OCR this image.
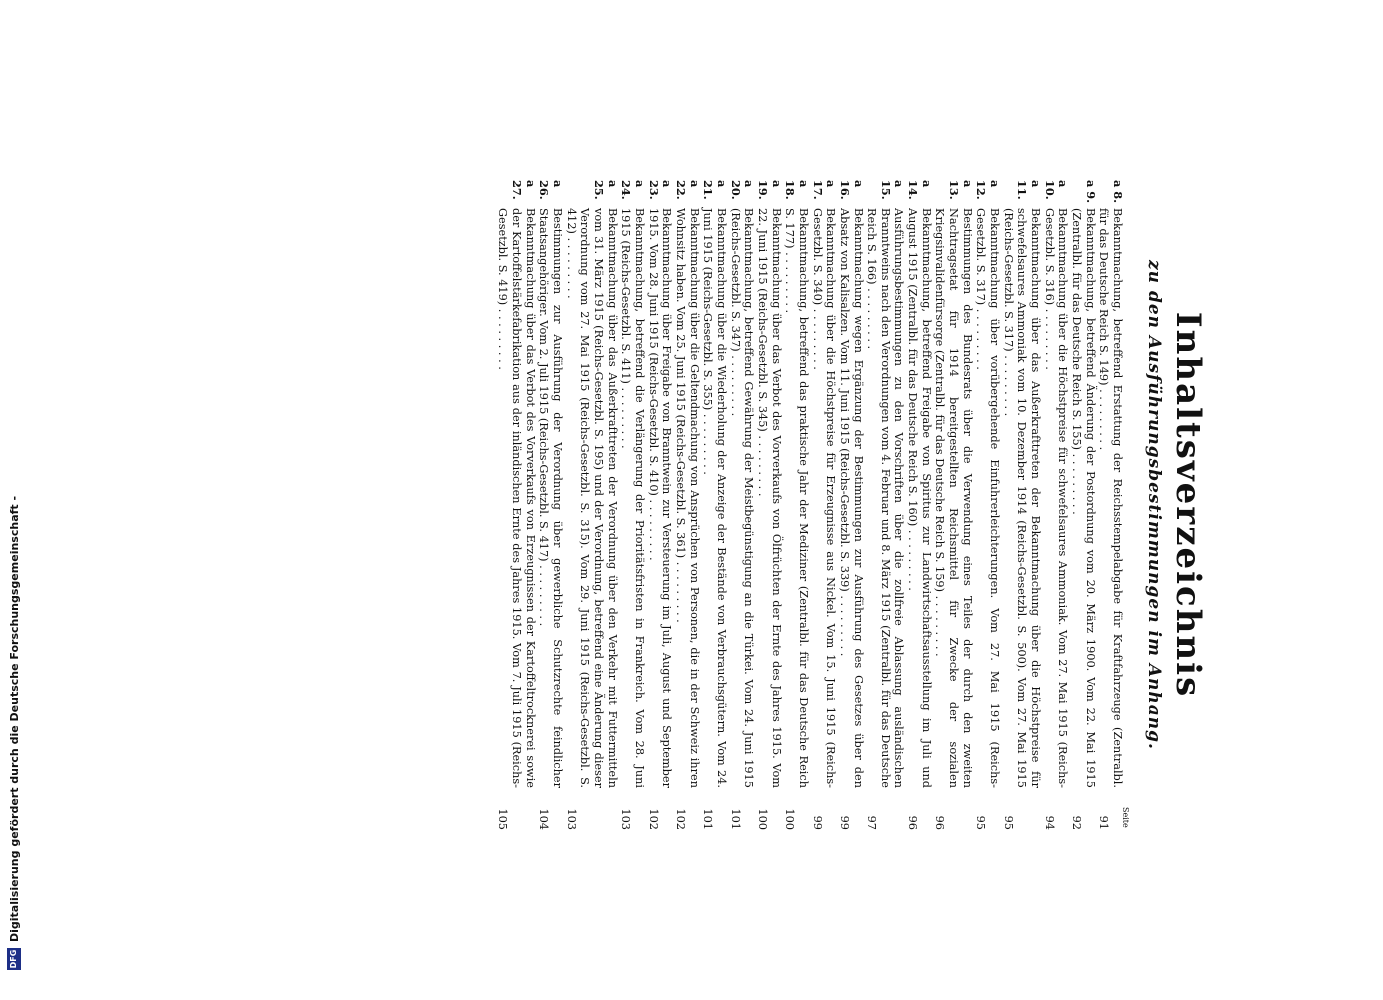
Inhaltsverzeichnis
zu den Ausführungsbestimmungen im Anhang.
Seite
a 8.
Bekanntmachung, betreffend Erstattung der Reichsstempelabgabe für Kraftfahrzeuge (Zentralbl. für das Deutsche Reich S. 149) . . .
91
a 9.
Bekanntmachung, betreffend Änderung der Postordnung vom 20. März 1900. Vom 22. Mai 1915 (Zentralbl. für das Deutsche Reich S. 155) . . .
92
a 10.
Bekanntmachung über die Höchstpreise für schwefelsaures Ammoniak. Vom 27. Mai 1915 (Reichs-Gesetzbl. S. 316) . . .
94
a 11.
Bekanntmachung über das Außerkrafttreten der Bekanntmachung über die Höchstpreise für schwefelsaures Ammoniak vom 10. Dezember 1914 (Reichs-Gesetzbl. S. 500). Vom 27. Mai 1915 (Reichs-Gesetzbl. S. 317) . . .
95
a 12.
Bekanntmachung über vorübergehende Einfuhrerleichterungen. Vom 27. Mai 1915 (Reichs-Gesetzbl. S. 317) . . .
95
a 13.
Bestimmungen des Bundesrats über die Verwendung eines Teiles der durch den zweiten Nachtragsetat für 1914 bereitgestellten Reichsmittel für Zwecke der sozialen Kriegsinvalidenfürsorge (Zentralbl. für das Deutsche Reich S. 159) . . .
96
a 14.
Bekanntmachung, betreffend Freigabe von Spiritus zur Landwirtschaftsausstellung im Juli und August 1915 (Zentralbl. für das Deutsche Reich S. 160) . . .
96
a 15.
Ausführungsbestimmungen zu den Vorschriften über die zollfreie Ablassung ausländischen Branntweins nach den Verordnungen vom 4. Februar und 8. März 1915 (Zentralbl. für das Deutsche Reich S. 166) . . .
97
a 16.
Bekanntmachung wegen Ergänzung der Bestimmungen zur Ausführung des Gesetzes über den Absatz von Kalisalzen. Vom 11. Juni 1915 (Reichs-Gesetzbl. S. 339) . . .
99
a 17.
Bekanntmachung über die Höchstpreise für Erzeugnisse aus Nickel. Vom 15. Juni 1915 (Reichs-Gesetzbl. S. 340) . . .
99
a 18.
Bekanntmachung, betreffend das praktische Jahr der Mediziner (Zentralbl. für das Deutsche Reich S. 177) . . .
100
a 19.
Bekanntmachung über das Verbot des Vorverkaufs von Ölfrüchten der Ernte des Jahres 1915. Vom 22. Juni 1915 (Reichs-Gesetzbl. S. 345) . . .
100
a 20.
Bekanntmachung, betreffend Gewährung der Meistbegünstigung an die Türkei. Vom 24. Juni 1915 (Reichs-Gesetzbl. S. 347) . . .
101
a 21.
Bekanntmachung über die Wiederholung der Anzeige der Bestände von Verbrauchsgütern. Vom 24. Juni 1915 (Reichs-Gesetzbl. S. 355) . . .
101
a 22.
Bekanntmachung über die Geltendmachung von Ansprüchen von Personen, die in der Schweiz ihren Wohnsitz haben. Vom 25. Juni 1915 (Reichs-Gesetzbl. S. 361) . . .
102
a 23.
Bekanntmachung über Freigabe von Branntwein zur Versteuerung im Juli, August und September 1915. Vom 28. Juni 1915 (Reichs-Gesetzbl. S. 410) . . .
102
a 24.
Bekanntmachung, betreffend die Verlängerung der Prioritätsfristen in Frankreich. Vom 28. Juni 1915 (Reichs-Gesetzbl. S. 411) . . .
103
a 25.
Bekanntmachung über das Außerkrafttreten der Verordnung über den Verkehr mit Futtermitteln vom 31. März 1915 (Reichs-Gesetzbl. S. 195) und der Verordnung, betreffend eine Änderung dieser Verordnung vom 27. Mai 1915 (Reichs-Gesetzbl. S. 315). Vom 29. Juni 1915 (Reichs-Gesetzbl. S. 412) . . .
103
a 26.
Bestimmungen zur Ausführung der Verordnung über gewerbliche Schutzrechte feindlicher Staatsangehöriger. Vom 2. Juli 1915 (Reichs-Gesetzbl. S. 417) . . .
104
a 27.
Bekanntmachung über das Verbot des Vorverkaufs von Erzeugnissen der Kartoffeltrocknerei sowie der Kartoffelstärkefabrikation aus der inländischen Ernte des Jahres 1915. Vom 7. Juli 1915 (Reichs-Gesetzbl. S. 419) . . .
105
DFG
Digitalisierung gefördert durch die Deutsche Forschungsgemeinschaft -
